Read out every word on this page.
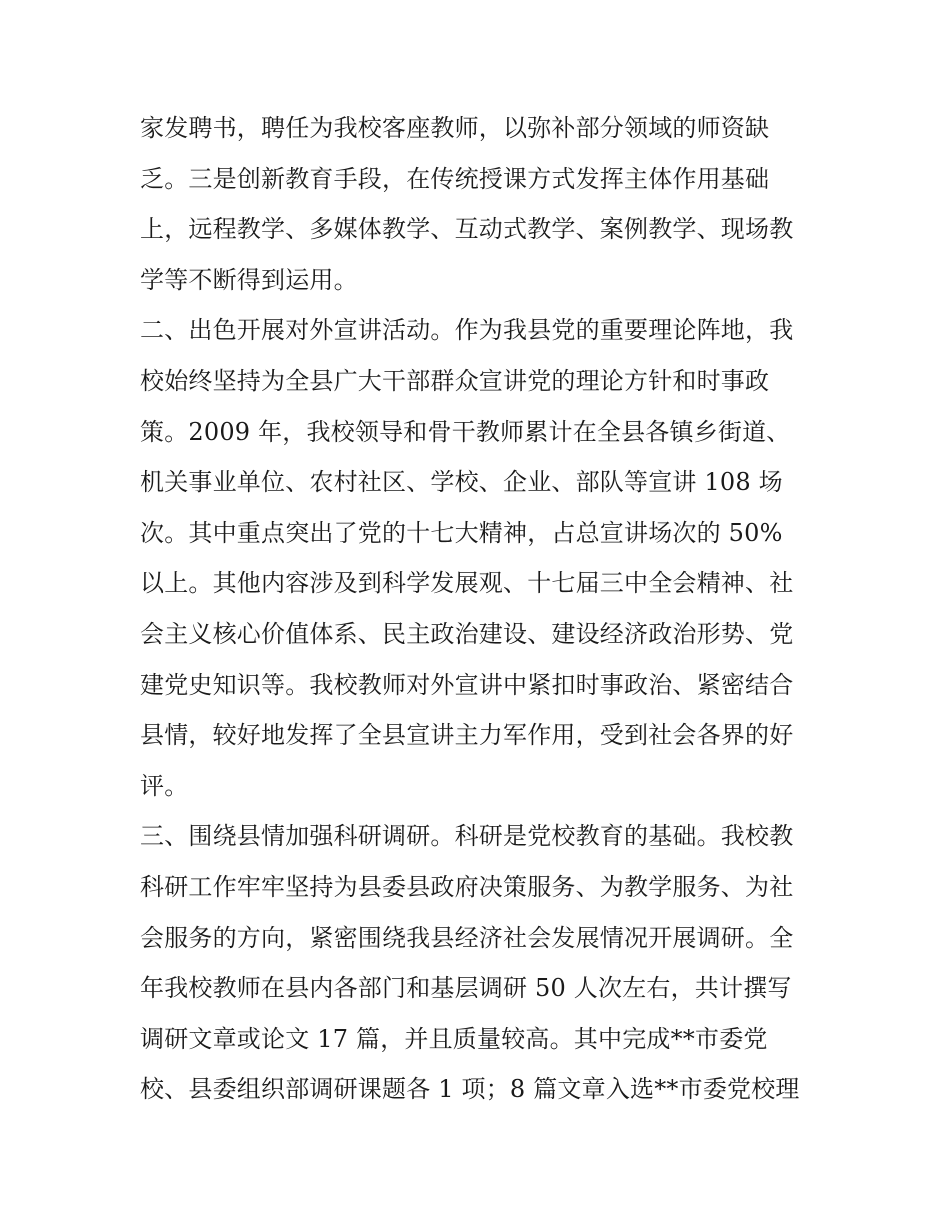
家发聘书，聘任为我校客座教师，以弥补部分领域的师资缺
乏。三是创新教育手段，在传统授课方式发挥主体作用基础
上，远程教学、多媒体教学、互动式教学、案例教学、现场教
学等不断得到运用。
二、出色开展对外宣讲活动。作为我县党的重要理论阵地，我
校始终坚持为全县广大干部群众宣讲党的理论方针和时事政
策。2009 年，我校领导和骨干教师累计在全县各镇乡街道、
机关事业单位、农村社区、学校、企业、部队等宣讲 108 场
次。其中重点突出了党的十七大精神，占总宣讲场次的 50%
以上。其他内容涉及到科学发展观、十七届三中全会精神、社
会主义核心价值体系、民主政治建设、建设经济政治形势、党
建党史知识等。我校教师对外宣讲中紧扣时事政治、紧密结合
县情，较好地发挥了全县宣讲主力军作用，受到社会各界的好
评。
三、围绕县情加强科研调研。科研是党校教育的基础。我校教
科研工作牢牢坚持为县委县政府决策服务、为教学服务、为社
会服务的方向，紧密围绕我县经济社会发展情况开展调研。全
年我校教师在县内各部门和基层调研 50 人次左右，共计撰写
调研文章或论文 17 篇，并且质量较高。其中完成**市委党
校、县委组织部调研课题各 1 项；8 篇文章入选**市委党校理
